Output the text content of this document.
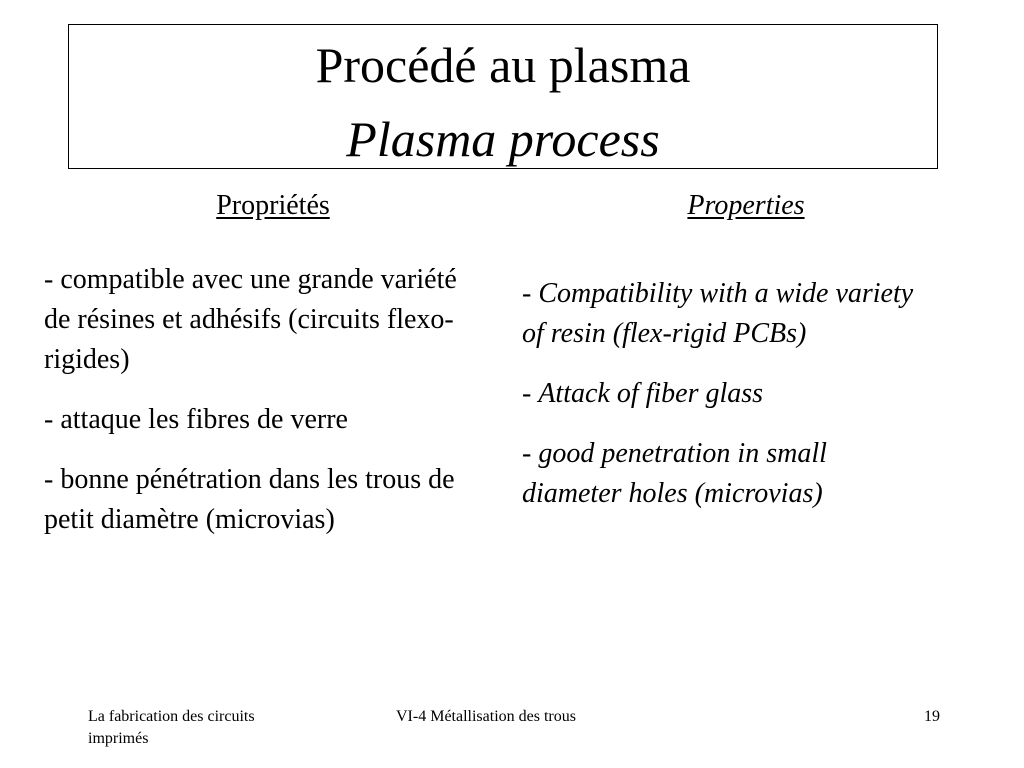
Procédé au plasma
Plasma process
Propriétés	Properties
- compatible avec une grande variété de résines et adhésifs (circuits flexo-rigides)
- attaque les fibres de verre
- bonne pénétration dans les trous de petit diamètre (microvias)
- Compatibility with a wide variety of resin (flex-rigid PCBs)
- Attack of fiber glass
- good penetration in small diameter holes (microvias)
La fabrication des circuits imprimés
VI-4 Métallisation des trous	19
